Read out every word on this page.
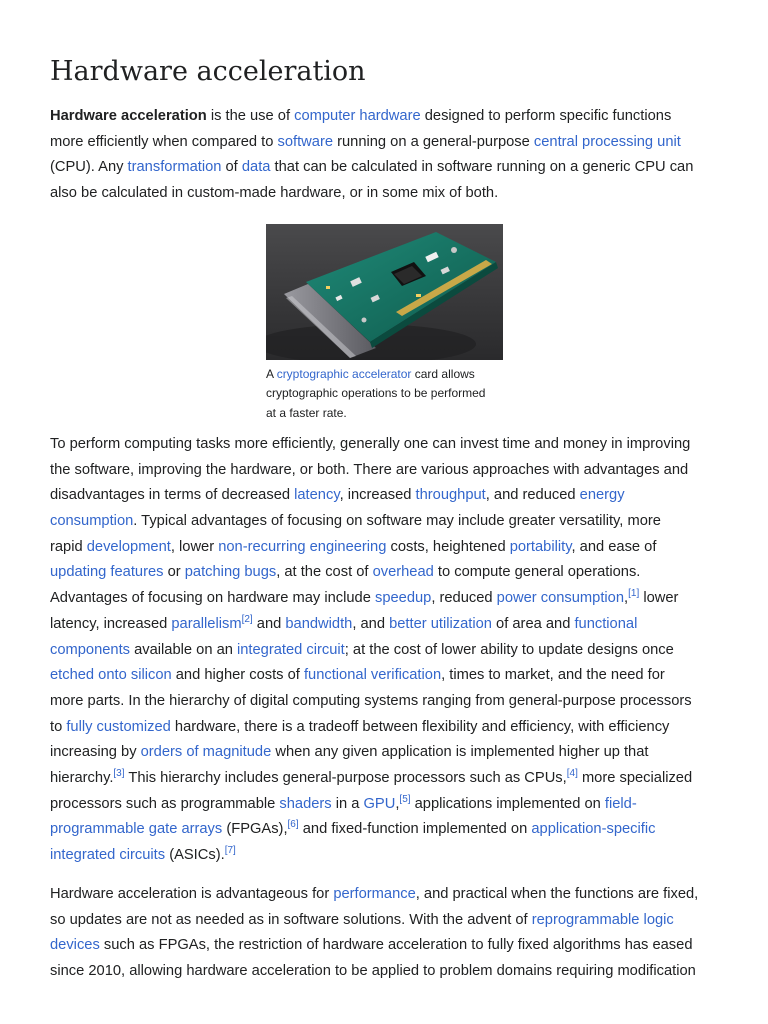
Hardware acceleration
Hardware acceleration is the use of computer hardware designed to perform specific functions
more efficiently when compared to software running on a general-purpose central processing unit
(CPU). Any transformation of data that can be calculated in software running on a generic CPU can
also be calculated in custom-made hardware, or in some mix of both.
A cryptographic accelerator card allows
cryptographic operations to be performed
at a faster rate.
To perform computing tasks more efficiently, generally one can invest time and money in improving
the software, improving the hardware, or both. There are various approaches with advantages and
disadvantages in terms of decreased latency, increased throughput, and reduced energy
consumption. Typical advantages of focusing on software may include greater versatility, more
rapid development, lower non-recurring engineering costs, heightened portability, and ease of
updating features or patching bugs, at the cost of overhead to compute general operations.
Advantages of focusing on hardware may include speedup, reduced power consumption,[1] lower
latency, increased parallelism[2] and bandwidth, and better utilization of area and functional
components available on an integrated circuit; at the cost of lower ability to update designs once
etched onto silicon and higher costs of functional verification, times to market, and the need for
more parts. In the hierarchy of digital computing systems ranging from general-purpose processors
to fully customized hardware, there is a tradeoff between flexibility and efficiency, with efficiency
increasing by orders of magnitude when any given application is implemented higher up that
hierarchy.[3] This hierarchy includes general-purpose processors such as CPUs,[4] more specialized
processors such as programmable shaders in a GPU,[5] applications implemented on field-
programmable gate arrays (FPGAs),[6] and fixed-function implemented on application-specific
integrated circuits (ASICs).[7]
Hardware acceleration is advantageous for performance, and practical when the functions are fixed,
so updates are not as needed as in software solutions. With the advent of reprogrammable logic
devices such as FPGAs, the restriction of hardware acceleration to fully fixed algorithms has eased
since 2010, allowing hardware acceleration to be applied to problem domains requiring modification
